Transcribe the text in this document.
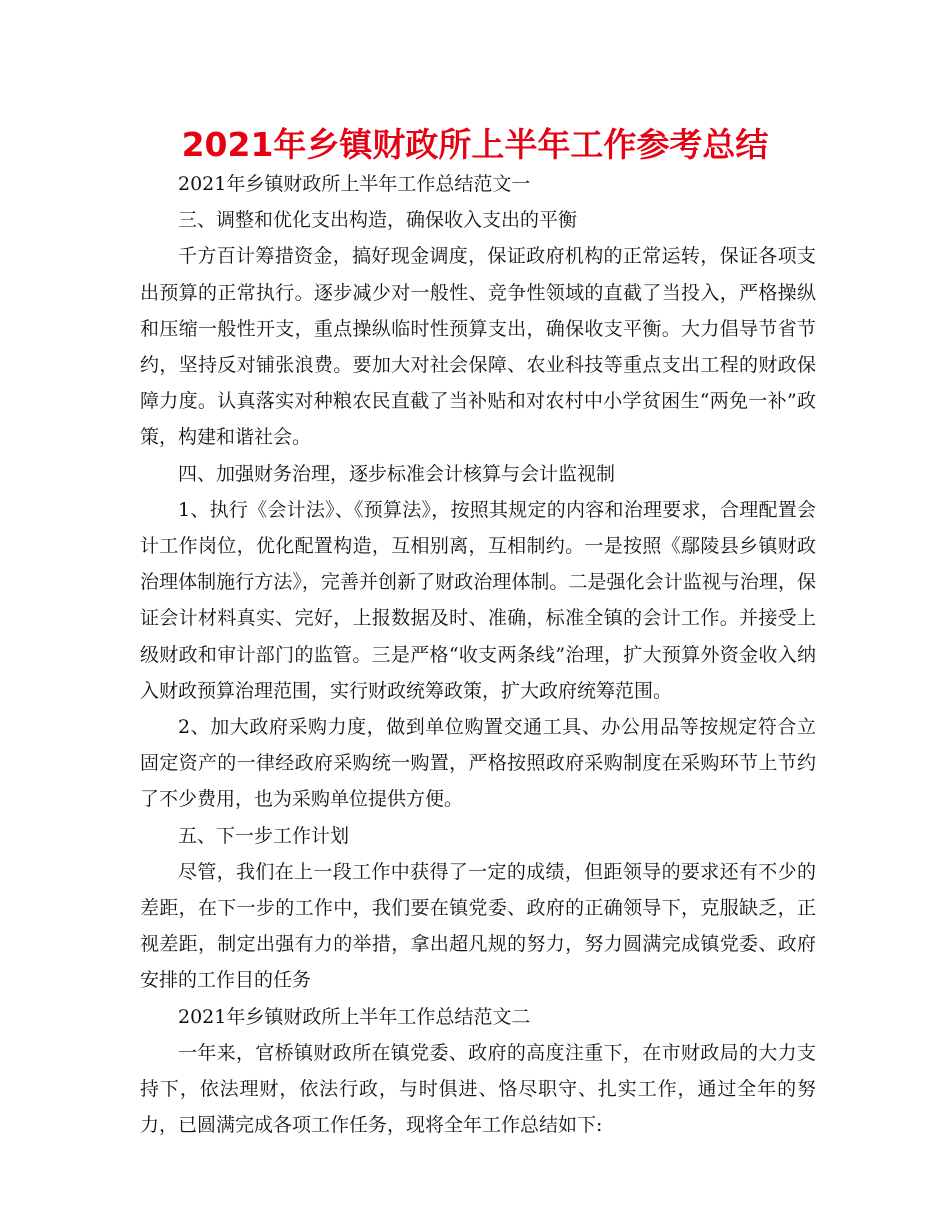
2021年乡镇财政所上半年工作参考总结

2021年乡镇财政所上半年工作总结范文一

三、调整和优化支出构造，确保收入支出的平衡

千方百计筹措资金，搞好现金调度，保证政府机构的正常运转，保证各项支出预算的正常执行。逐步减少对一般性、竞争性领域的直截了当投入，严格操纵和压缩一般性开支，重点操纵临时性预算支出，确保收支平衡。大力倡导节省节约，坚持反对铺张浪费。要加大对社会保障、农业科技等重点支出工程的财政保障力度。认真落实对种粮农民直截了当补贴和对农村中小学贫困生“两免一补”政策，构建和谐社会。

四、加强财务治理，逐步标准会计核算与会计监视制

1、执行《会计法》、《预算法》，按照其规定的内容和治理要求，合理配置会计工作岗位，优化配置构造，互相别离，互相制约。一是按照《鄢陵县乡镇财政治理体制施行方法》，完善并创新了财政治理体制。二是强化会计监视与治理，保证会计材料真实、完好，上报数据及时、准确，标准全镇的会计工作。并接受上级财政和审计部门的监管。三是严格“收支两条线”治理，扩大预算外资金收入纳入财政预算治理范围，实行财政统筹政策，扩大政府统筹范围。

2、加大政府采购力度，做到单位购置交通工具、办公用品等按规定符合立固定资产的一律经政府采购统一购置，严格按照政府采购制度在采购环节上节约了不少费用，也为采购单位提供方便。

五、下一步工作计划

尽管，我们在上一段工作中获得了一定的成绩，但距领导的要求还有不少的差距，在下一步的工作中，我们要在镇党委、政府的正确领导下，克服缺乏，正视差距，制定出强有力的举措，拿出超凡规的努力，努力圆满完成镇党委、政府安排的工作目的任务

2021年乡镇财政所上半年工作总结范文二

一年来，官桥镇财政所在镇党委、政府的高度注重下，在市财政局的大力支持下，依法理财，依法行政，与时俱进、恪尽职守、扎实工作，通过全年的努力，已圆满完成各项工作任务，现将全年工作总结如下:
